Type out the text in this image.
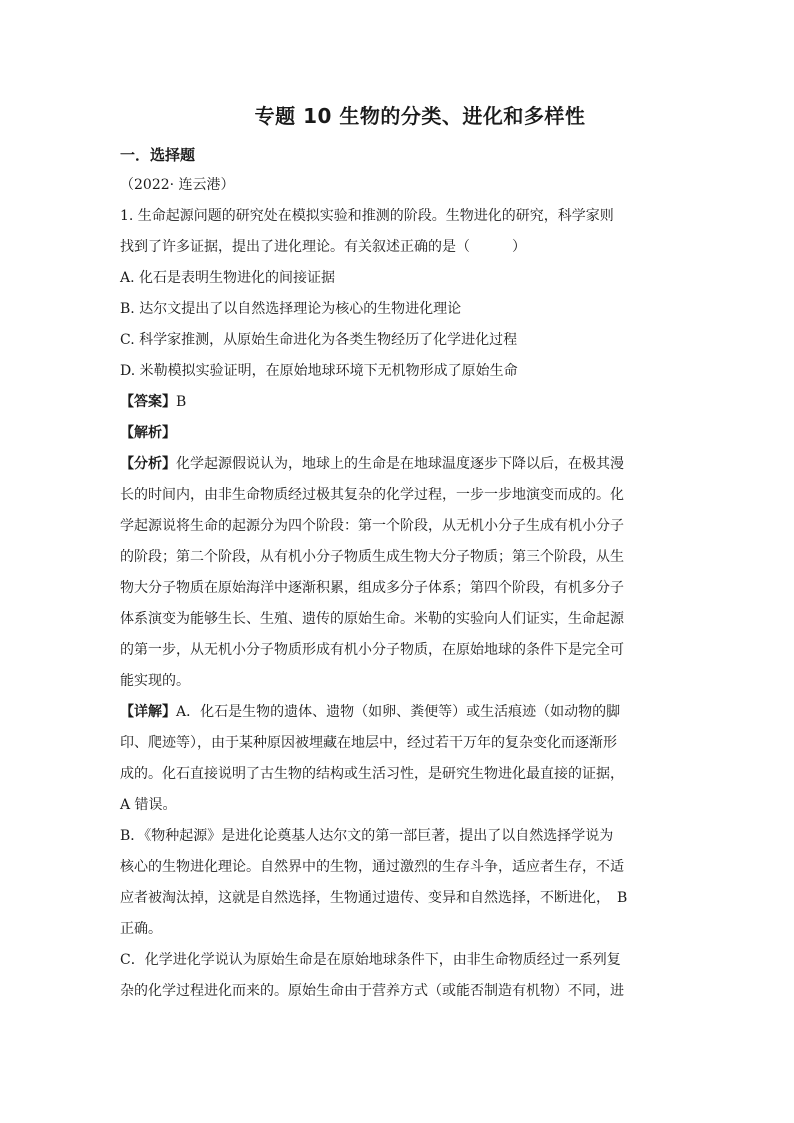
专题 10 生物的分类、进化和多样性
一．选择题

（2022· 连云港）

1. 生命起源问题的研究处在模拟实验和推测的阶段。生物进化的研究，科学家则

找到了许多证据，提出了进化理论。有关叙述正确的是（　　　）

A. 化石是表明生物进化的间接证据

B. 达尔文提出了以自然选择理论为核心的生物进化理论

C. 科学家推测，从原始生命进化为各类生物经历了化学进化过程

D. 米勒模拟实验证明，在原始地球环境下无机物形成了原始生命

【答案】B

【解析】

【分析】化学起源假说认为，地球上的生命是在地球温度逐步下降以后，在极其漫

长的时间内，由非生命物质经过极其复杂的化学过程，一步一步地演变而成的。化

学起源说将生命的起源分为四个阶段：第一个阶段，从无机小分子生成有机小分子

的阶段；第二个阶段，从有机小分子物质生成生物大分子物质；第三个阶段，从生

物大分子物质在原始海洋中逐渐积累，组成多分子体系；第四个阶段，有机多分子

体系演变为能够生长、生殖、遗传的原始生命。米勒的实验向人们证实，生命起源

的第一步，从无机小分子物质形成有机小分子物质，在原始地球的条件下是完全可

能实现的。

【详解】A．化石是生物的遗体、遗物（如卵、粪便等）或生活痕迹（如动物的脚

印、爬迹等），由于某种原因被埋藏在地层中，经过若干万年的复杂变化而逐渐形

成的。化石直接说明了古生物的结构或生活习性，是研究生物进化最直接的证据，

A 错误。

B．《物种起源》是进化论奠基人达尔文的第一部巨著，提出了以自然选择学说为

核心的生物进化理论。自然界中的生物，通过激烈的生存斗争，适应者生存，不适

应者被淘汰掉，这就是自然选择，生物通过遗传、变异和自然选择，不断进化，　B

正确。

C．化学进化学说认为原始生命是在原始地球条件下，由非生命物质经过一系列复

杂的化学过程进化而来的。原始生命由于营养方式（或能否制造有机物）不同，进
